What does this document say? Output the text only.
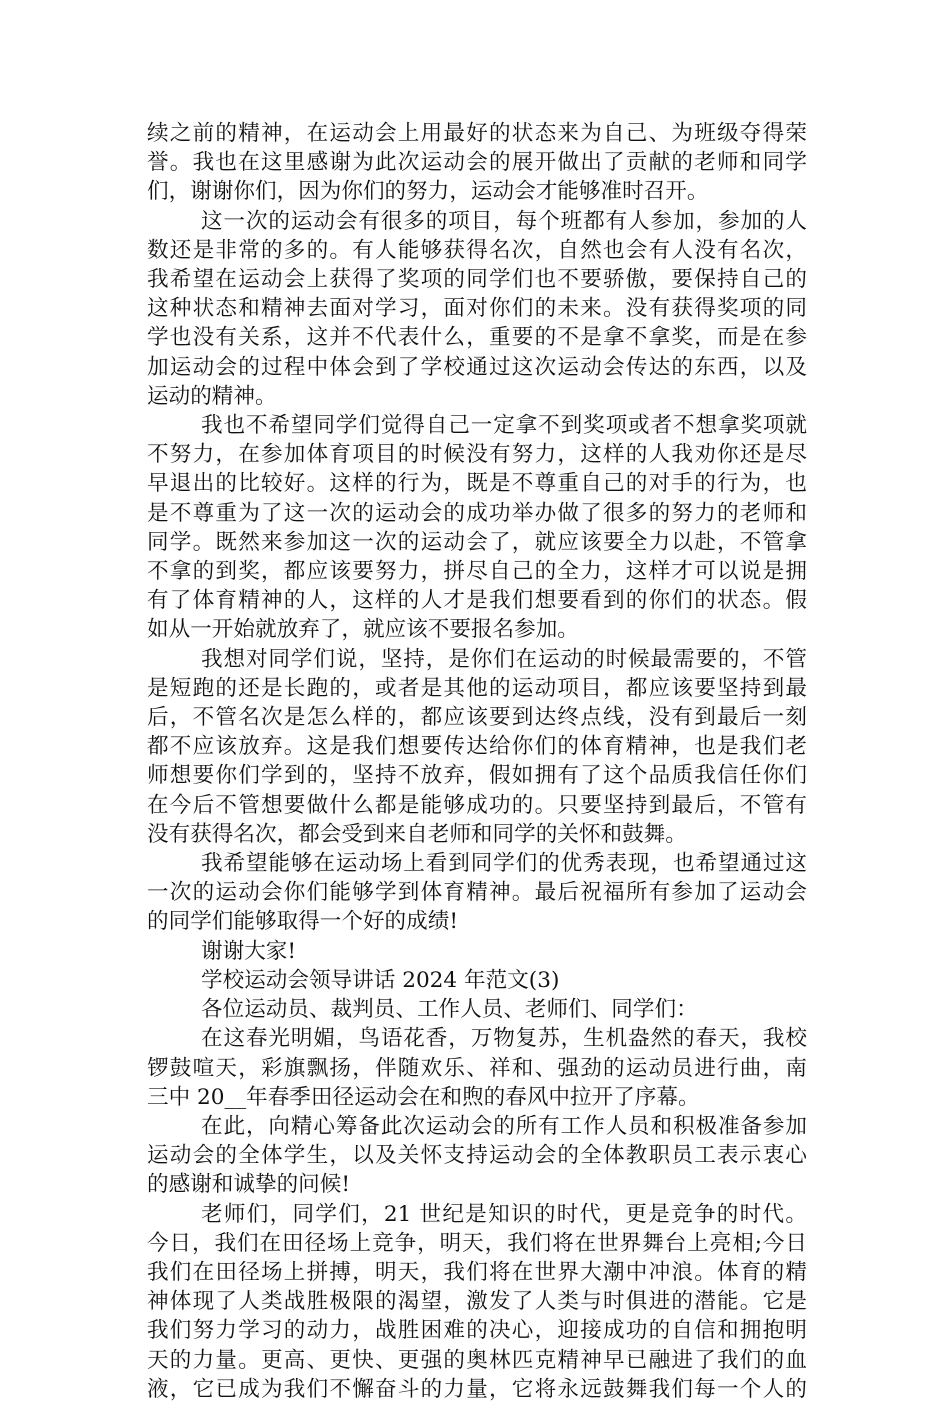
续之前的精神，在运动会上用最好的状态来为自己、为班级夺得荣
誉。我也在这里感谢为此次运动会的展开做出了贡献的老师和同学
们，谢谢你们，因为你们的努力，运动会才能够准时召开。
这一次的运动会有很多的项目，每个班都有人参加，参加的人
数还是非常的多的。有人能够获得名次，自然也会有人没有名次，
我希望在运动会上获得了奖项的同学们也不要骄傲，要保持自己的
这种状态和精神去面对学习，面对你们的未来。没有获得奖项的同
学也没有关系，这并不代表什么，重要的不是拿不拿奖，而是在参
加运动会的过程中体会到了学校通过这次运动会传达的东西，以及
运动的精神。
我也不希望同学们觉得自己一定拿不到奖项或者不想拿奖项就
不努力，在参加体育项目的时候没有努力，这样的人我劝你还是尽
早退出的比较好。这样的行为，既是不尊重自己的对手的行为，也
是不尊重为了这一次的运动会的成功举办做了很多的努力的老师和
同学。既然来参加这一次的运动会了，就应该要全力以赴，不管拿
不拿的到奖，都应该要努力，拼尽自己的全力，这样才可以说是拥
有了体育精神的人，这样的人才是我们想要看到的你们的状态。假
如从一开始就放弃了，就应该不要报名参加。
我想对同学们说，坚持，是你们在运动的时候最需要的，不管
是短跑的还是长跑的，或者是其他的运动项目，都应该要坚持到最
后，不管名次是怎么样的，都应该要到达终点线，没有到最后一刻
都不应该放弃。这是我们想要传达给你们的体育精神，也是我们老
师想要你们学到的，坚持不放弃，假如拥有了这个品质我信任你们
在今后不管想要做什么都是能够成功的。只要坚持到最后，不管有
没有获得名次，都会受到来自老师和同学的关怀和鼓舞。
我希望能够在运动场上看到同学们的优秀表现，也希望通过这
一次的运动会你们能够学到体育精神。最后祝福所有参加了运动会
的同学们能够取得一个好的成绩!
谢谢大家!
学校运动会领导讲话 2024 年范文(3)
各位运动员、裁判员、工作人员、老师们、同学们：
在这春光明媚，鸟语花香，万物复苏，生机盎然的春天，我校
锣鼓喧天，彩旗飘扬，伴随欢乐、祥和、强劲的运动员进行曲，南
三中 20__年春季田径运动会在和煦的春风中拉开了序幕。
在此，向精心筹备此次运动会的所有工作人员和积极准备参加
运动会的全体学生，以及关怀支持运动会的全体教职员工表示衷心
的感谢和诚挚的问候!
老师们，同学们，21 世纪是知识的时代，更是竞争的时代。
今日，我们在田径场上竞争，明天，我们将在世界舞台上亮相;今日
我们在田径场上拼搏，明天，我们将在世界大潮中冲浪。体育的精
神体现了人类战胜极限的渴望，激发了人类与时俱进的潜能。它是
我们努力学习的动力，战胜困难的决心，迎接成功的自信和拥抱明
天的力量。更高、更快、更强的奥林匹克精神早已融进了我们的血
液，它已成为我们不懈奋斗的力量，它将永远鼓舞我们每一个人的
